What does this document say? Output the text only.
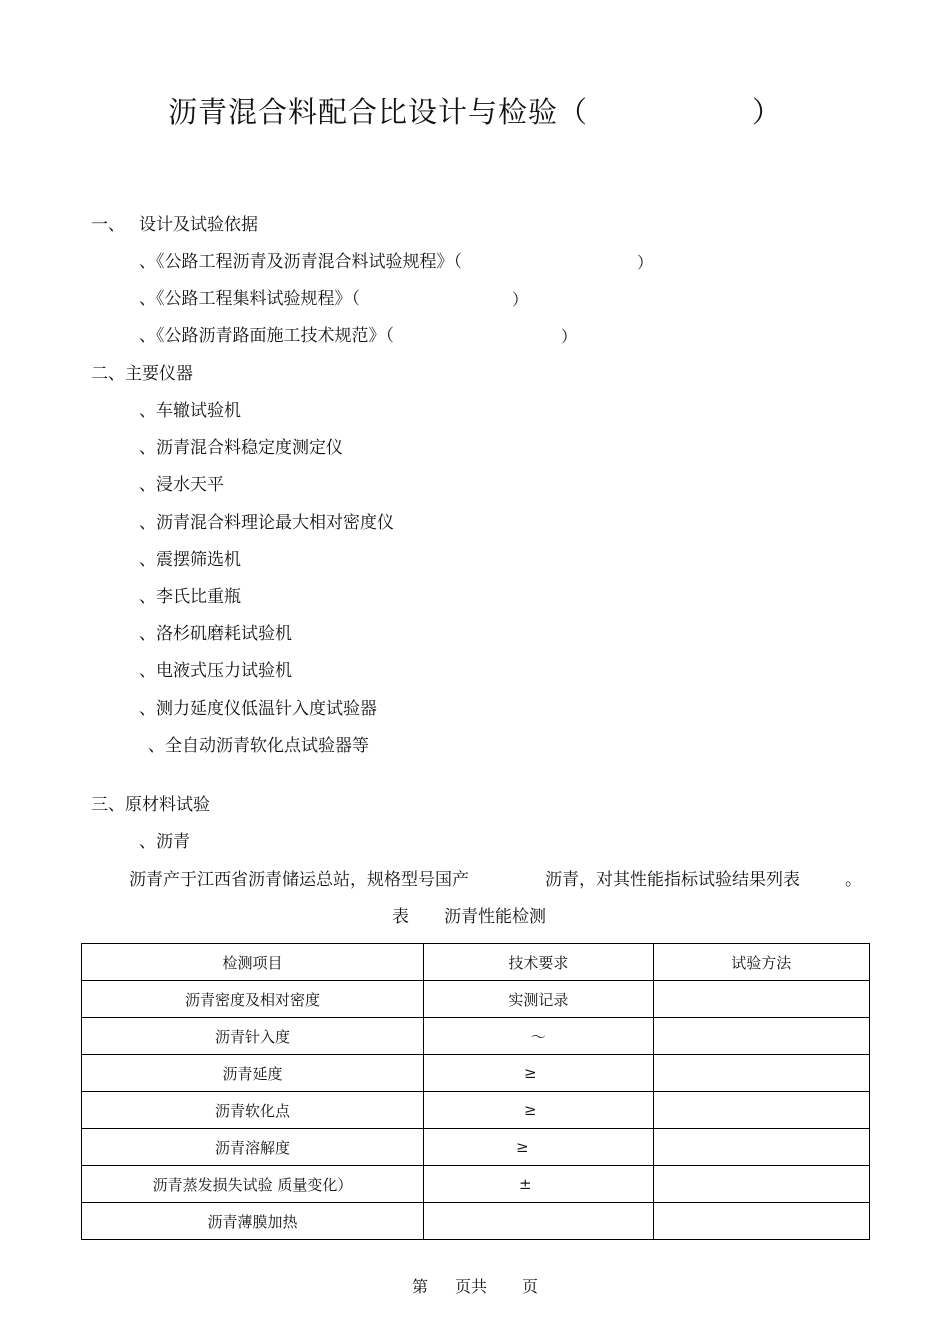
沥青混合料配合比设计与检验（	）
一、 设计及试验依据
、《公路工程沥青及沥青混合料试验规程》（	）
、《公路工程集料试验规程》（	）
、《公路沥青路面施工技术规范》（	）
二、主要仪器
、车辙试验机
、沥青混合料稳定度测定仪
、浸水天平
、沥青混合料理论最大相对密度仪
、震摆筛选机
、李氏比重瓶
、洛杉矶磨耗试验机
、电液式压力试验机
、测力延度仪低温针入度试验器
、全自动沥青软化点试验器等
三、原材料试验
、沥青
沥青产于江西省沥青储运总站，规格型号国产	沥青，对其性能指标试验结果列表	。
表 沥青性能检测
检测项目	技术要求	试验方法
沥青密度及相对密度	实测记录	
沥青针入度	～	
沥青延度	≥	
沥青软化点	≥	
沥青溶解度	≥	
沥青蒸发损失试验 质量变化）	±	
沥青薄膜加热		
第 页共 页
